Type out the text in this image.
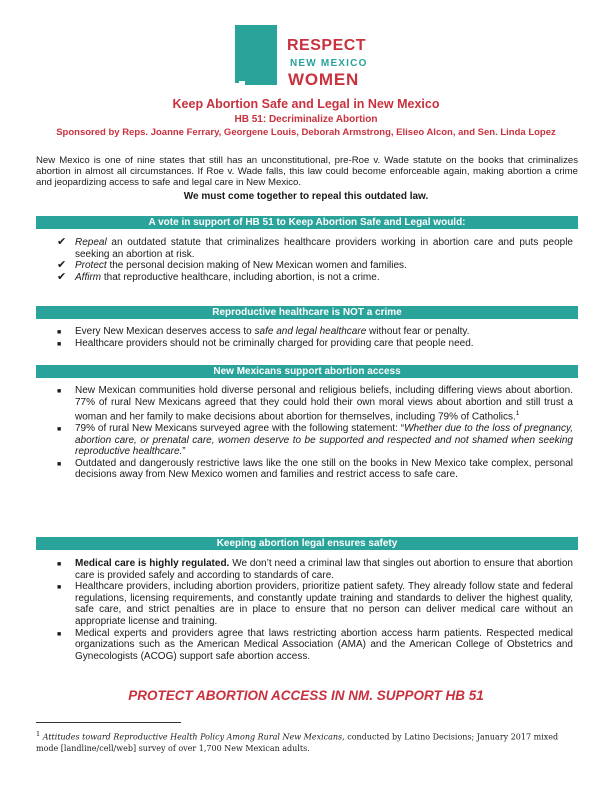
RESPECT
NEW MEXICO
WOMEN
Keep Abortion Safe and Legal in New Mexico
HB 51: Decriminalize Abortion
Sponsored by Reps. Joanne Ferrary, Georgene Louis, Deborah Armstrong, Eliseo Alcon, and Sen. Linda Lopez
New Mexico is one of nine states that still has an unconstitutional, pre-Roe v. Wade statute on the books that criminalizes abortion in almost all circumstances. If Roe v. Wade falls, this law could become enforceable again, making abortion a crime and jeopardizing access to safe and legal care in New Mexico.
We must come together to repeal this outdated law.
A vote in support of HB 51 to Keep Abortion Safe and Legal would:
✔ Repeal an outdated statute that criminalizes healthcare providers working in abortion care and puts people seeking an abortion at risk.
✔ Protect the personal decision making of New Mexican women and families.
✔ Affirm that reproductive healthcare, including abortion, is not a crime.
Reproductive healthcare is NOT a crime
■ Every New Mexican deserves access to safe and legal healthcare without fear or penalty.
■ Healthcare providers should not be criminally charged for providing care that people need.
New Mexicans support abortion access
■ New Mexican communities hold diverse personal and religious beliefs, including differing views about abortion. 77% of rural New Mexicans agreed that they could hold their own moral views about abortion and still trust a woman and her family to make decisions about abortion for themselves, including 79% of Catholics.$^1$
■ 79% of rural New Mexicans surveyed agree with the following statement: “Whether due to the loss of pregnancy, abortion care, or prenatal care, women deserve to be supported and respected and not shamed when seeking reproductive healthcare.”
■ Outdated and dangerously restrictive laws like the one still on the books in New Mexico take complex, personal decisions away from New Mexico women and families and restrict access to safe care.
Keeping abortion legal ensures safety
■ Medical care is highly regulated. We don’t need a criminal law that singles out abortion to ensure that abortion care is provided safely and according to standards of care.
■ Healthcare providers, including abortion providers, prioritize patient safety. They already follow state and federal regulations, licensing requirements, and constantly update training and standards to deliver the highest quality, safe care, and strict penalties are in place to ensure that no person can deliver medical care without an appropriate license and training.
■ Medical experts and providers agree that laws restricting abortion access harm patients. Respected medical organizations such as the American Medical Association (AMA) and the American College of Obstetrics and Gynecologists (ACOG) support safe abortion access.
PROTECT ABORTION ACCESS IN NM. SUPPORT HB 51
$^1$ Attitudes toward Reproductive Health Policy Among Rural New Mexicans, conducted by Latino Decisions; January 2017 mixed mode [landline/cell/web] survey of over 1,700 New Mexican adults.
